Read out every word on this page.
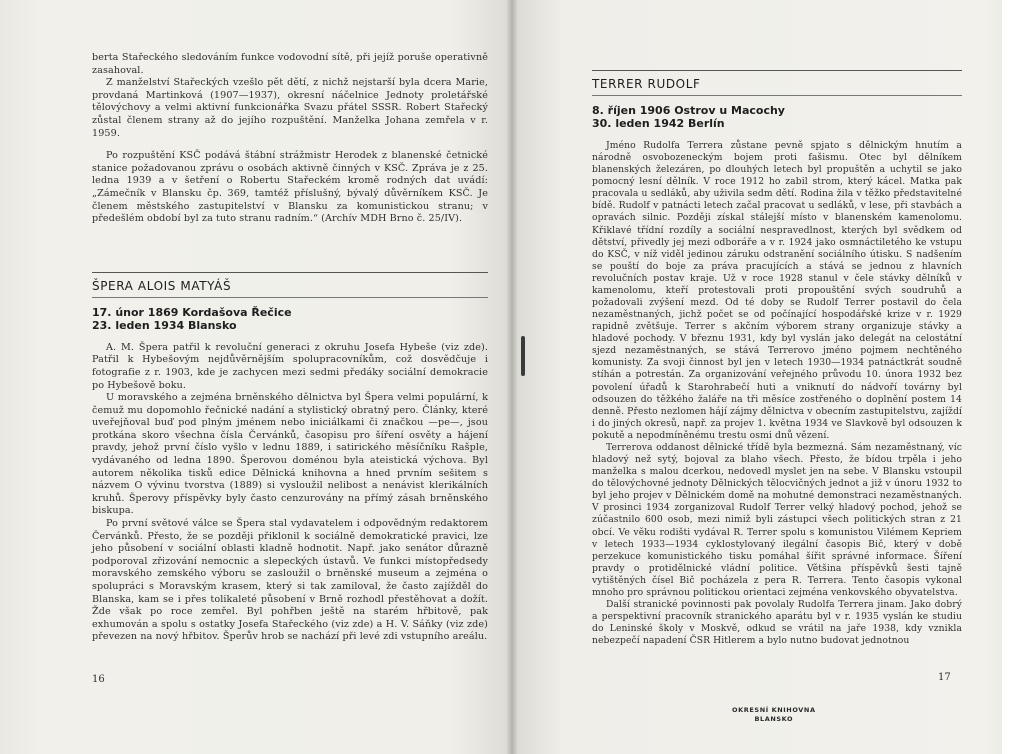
berta Stařeckého sledováním funkce vodovodní sítě, při jejíž poruše operativně zasahoval.

Z manželství Stařeckých vzešlo pět dětí, z nichž nejstarší byla dcera Marie, provdaná Martinková (1907—1937), okresní náčelnice Jednoty proletářské tělovýchovy a velmi aktivní funkcionářka Svazu přátel SSSR. Robert Stařecký zůstal členem strany až do jejího rozpuštění. Manželka Johana zemřela v r. 1959.

Po rozpuštění KSČ podává štábní strážmistr Herodek z blanenské četnické stanice požadovanou zprávu o osobách aktivně činných v KSČ. Zpráva je z 25. ledna 1939 a v šetření o Robertu Stařeckém kromě rodných dat uvádí: „Zámečník v Blansku čp. 369, tamtéž příslušný, bývalý důvěrníkem KSČ. Je členem městského zastupitelství v Blansku za komunistickou stranu; v předešlém období byl za tuto stranu radním.“ (Archív MDH Brno č. 25/IV).

ŠPERA ALOIS MATYÁŠ
17. únor 1869 Kordašova Řečice
23. leden 1934 Blansko

A. M. Špera patřil k revoluční generaci z okruhu Josefa Hybeše (viz zde). Patřil k Hybešovým nejdůvěrnějším spolupracovníkům, což dosvědčuje i fotografie z r. 1903, kde je zachycen mezi sedmi předáky sociální demokracie po Hybešově boku.

U moravského a zejména brněnského dělnictva byl Špera velmi populární, k čemuž mu dopomohlo řečnické nadání a stylistický obratný pero. Články, které uveřejňoval buď pod plným jménem nebo iniciálkami či značkou —pe—, jsou protkána skoro všechna čísla Červánků, časopisu pro šíření osvěty a hájení pravdy, jehož první číslo vyšlo v lednu 1889, i satirického měsíčníku Rašple, vydávaného od ledna 1890. Šperovou doménou byla ateistická výchova. Byl autorem několika tisků edice Dělnická knihovna a hned prvním sešitem s názvem O vývinu tvorstva (1889) si vysloužil nelibost a nenávist klerikálních kruhů. Šperovy příspěvky byly často cenzurovány na přímý zásah brněnského biskupa.

Po první světové válce se Špera stal vydavatelem i odpovědným redaktorem Červánků. Přesto, že se později přiklonil k sociálně demokratické pravici, lze jeho působení v sociální oblasti kladně hodnotit. Např. jako senátor důrazně podporoval zřizování nemocnic a slepeckých ústavů. Ve funkci místopředsedy moravského zemského výboru se zasloužil o brněnské museum a zejména o spolupráci s Moravským krasem, který si tak zamiloval, že často zajížděl do Blanska, kam se i přes tolikaleté působení v Brně rozhodl přestěhovat a dožít. Žde však po roce zemřel. Byl pohřben ještě na starém hřbitově, pak exhumován a spolu s ostatky Josefa Stařeckého (viz zde) a H. V. Sáňky (viz zde) převezen na nový hřbitov. Šperův hrob se nachází při levé zdi vstupního areálu.

16
TERRER RUDOLF
8. říjen 1906 Ostrov u Macochy
30. leden 1942 Berlín

Jméno Rudolfa Terrera zůstane pevně spjato s dělnickým hnutím a národně osvobozeneckým bojem proti fašismu. Otec byl dělníkem blanenských železáren, po dlouhých letech byl propuštěn a uchytil se jako pomocný lesní dělník. V roce 1912 ho zabil strom, který kácel. Matka pak pracovala u sedláků, aby uživila sedm dětí. Rodina žila v těžko představitelné bídě. Rudolf v patnácti letech začal pracovat u sedláků, v lese, při stavbách a opravách silnic. Později získal stálejší místo v blanenském kamenolomu. Křiklavé třídní rozdíly a sociální nespravedlnost, kterých byl svědkem od dětství, přivedly jej mezi odboráře a v r. 1924 jako osmnáctiletého ke vstupu do KSČ, v níž viděl jedinou záruku odstranění sociálního útisku. S nadšením se pouští do boje za práva pracujících a stává se jednou z hlavních revolučních postav kraje. Už v roce 1928 stanul v čele stávky dělníků v kamenolomu, kteří protestovali proti propouštění svých soudruhů a požadovali zvýšení mezd. Od té doby se Rudolf Terrer postavil do čela nezaměstnaných, jichž počet se od počínající hospodářské krize v r. 1929 rapidně zvětšuje. Terrer s akčním výborem strany organizuje stávky a hladové pochody. V březnu 1931, kdy byl vyslán jako delegát na celostátní sjezd nezaměstnaných, se stává Terrerovo jméno pojmem nechtěného komunisty. Za svoji činnost byl jen v letech 1930—1934 patnáctkrát soudně stíhán a potrestán. Za organizování veřejného průvodu 10. února 1932 bez povolení úřadů k Starohrabečí huti a vniknutí do nádvoří továrny byl odsouzen do těžkého žaláře na tři měsíce zostřeného o doplnění postem 14 denně. Přesto nezlomen hájí zájmy dělnictva v obecním zastupitelstvu, zajíždí i do jiných okresů, např. za projev 1. května 1934 ve Slavkově byl odsouzen k pokutě a nepodmíněnému trestu osmi dnů vězení.

Terrerova oddanost dělnické třídě byla bezmezná. Sám nezaměstnaný, víc hladový než sytý, bojoval za blaho všech. Přesto, že bídou trpěla i jeho manželka s malou dcerkou, nedovedl myslet jen na sebe. V Blansku vstoupil do tělovýchovné jednoty Dělnických tělocvičných jednot a již v únoru 1932 to byl jeho projev v Dělnickém domě na mohutné demonstraci nezaměstnaných. V prosinci 1934 zorganizoval Rudolf Terrer velký hladový pochod, jehož se zúčastnilo 600 osob, mezi nimiž byli zástupci všech politických stran z 21 obcí. Ve věku rodišti vydával R. Terrer spolu s komunistou Vilémem Kepriem v letech 1933—1934 cyklostylovaný ilegální časopis Bič, který v době perzekuce komunistického tisku pomáhal šířit správné informace. Šíření pravdy o protidělnické vládní politice. Většina příspěvků šesti tajně vytištěných čísel Bič pocházela z pera R. Terrera. Tento časopis vykonal mnoho pro správnou politickou orientaci zejména venkovského obyvatelstva.

Další stranické povinnosti pak povolaly Rudolfa Terrera jinam. Jako dobrý a perspektivní pracovník stranického aparátu byl v r. 1935 vyslán ke studiu do Leninské školy v Moskvě, odkud se vrátil na jaře 1938, kdy vznikla nebezpečí napadení ČSR Hitlerem a bylo nutno budovat jednotnou

17
OKRESNÍ KNIHOVNA
BLANSKO
